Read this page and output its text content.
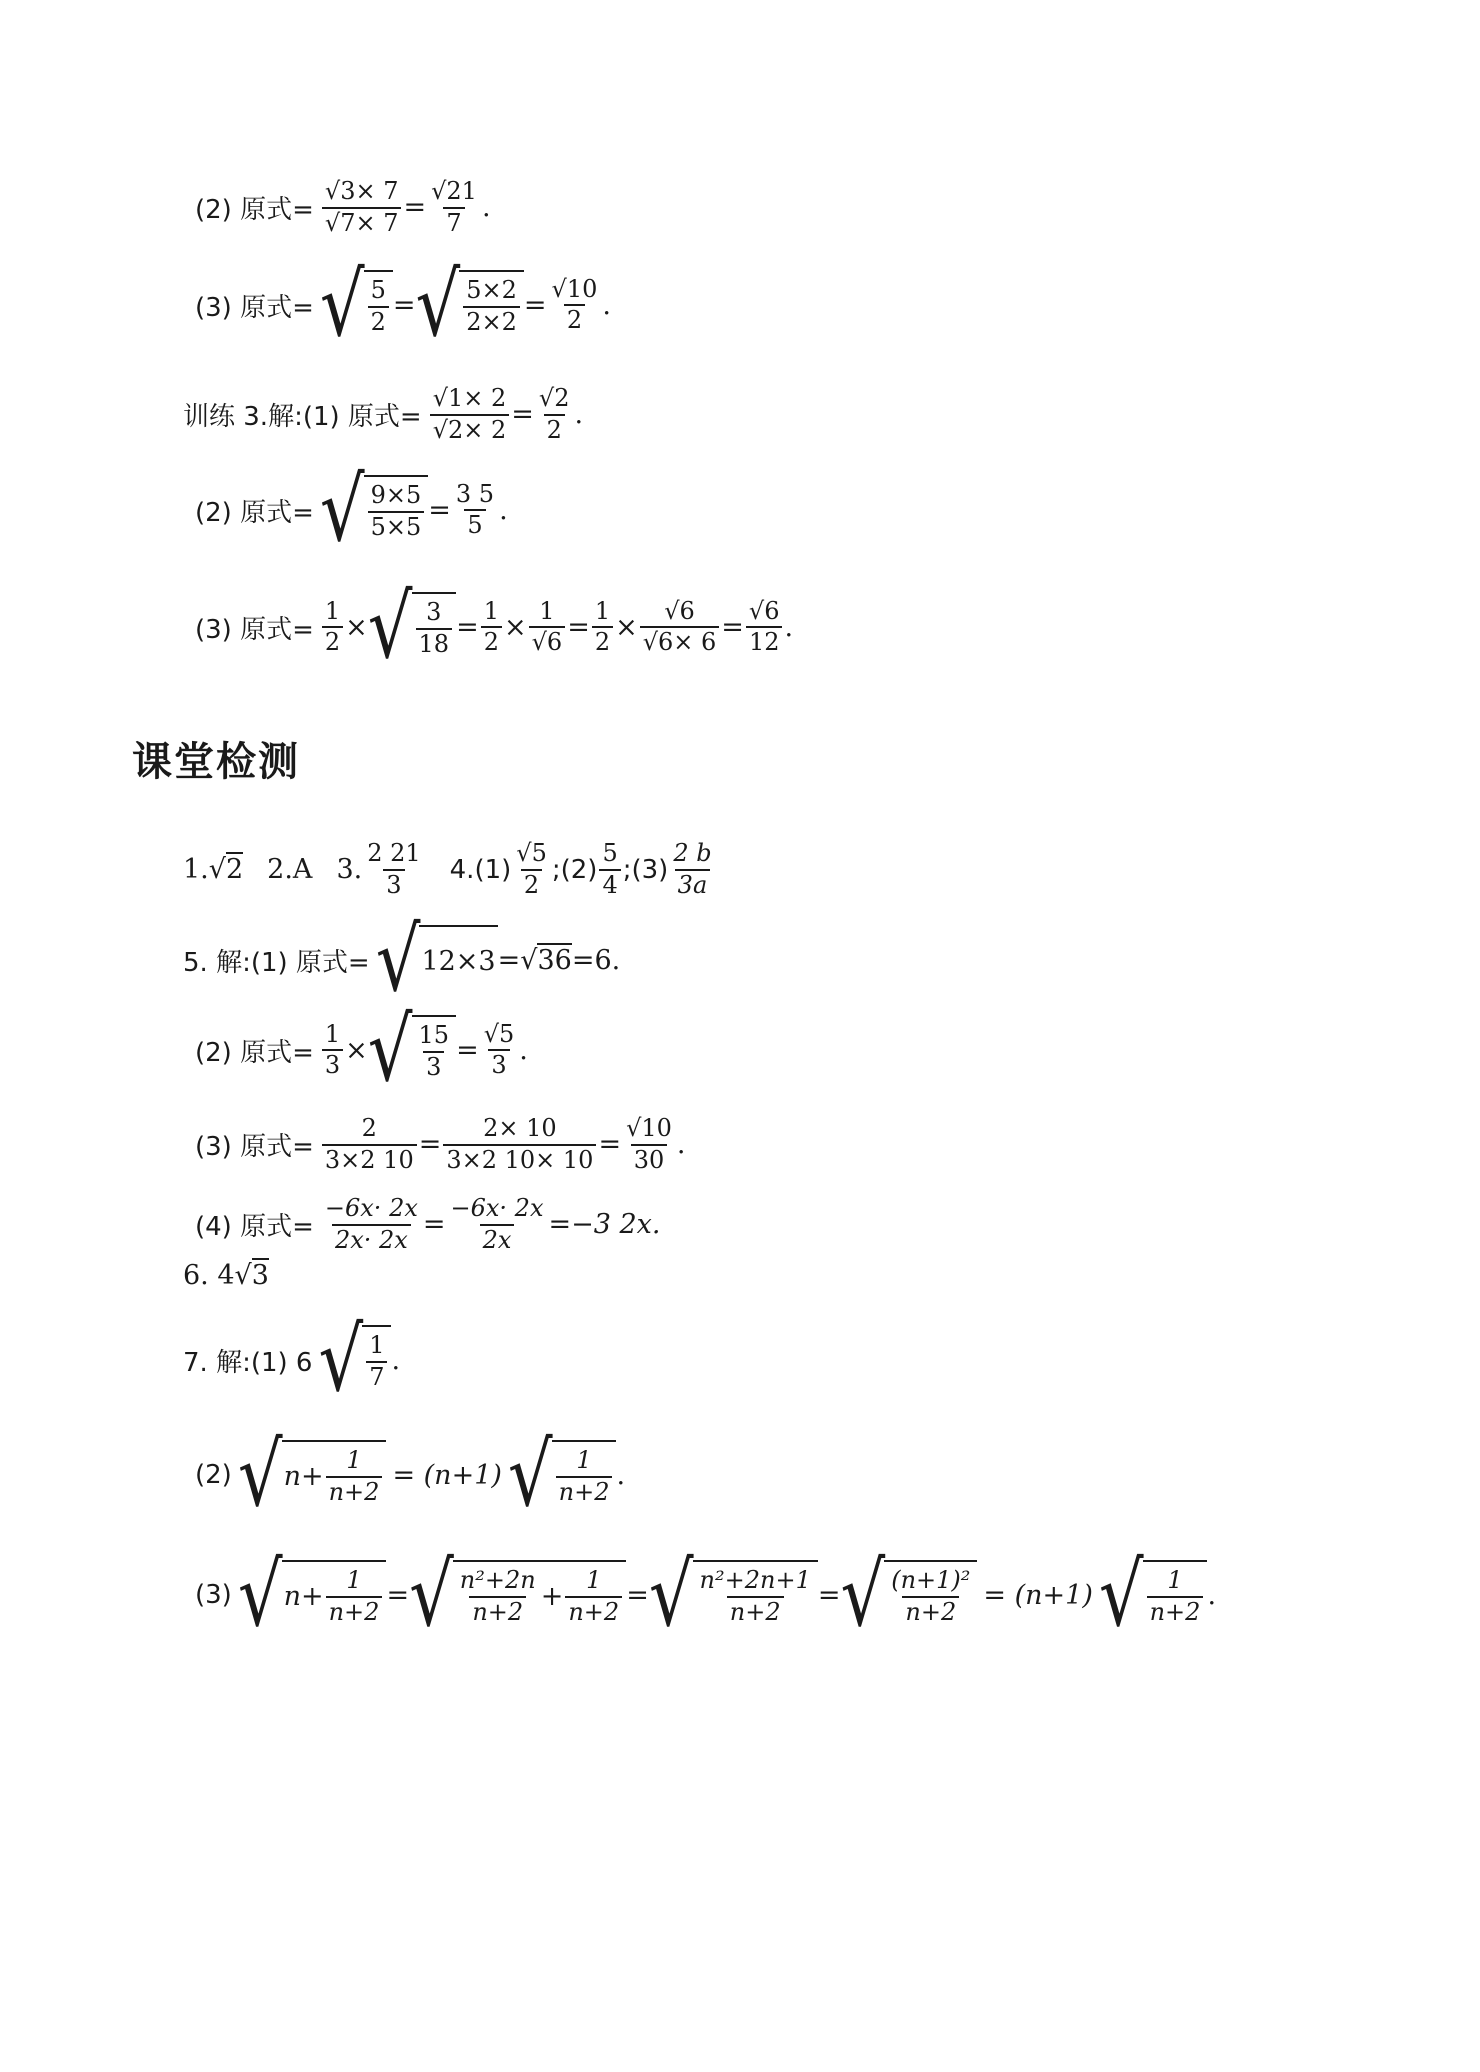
(2) 原式= $\frac{√3\times 7}{√7\times 7} = \frac{√21}{7}$ .
(3) 原式= √ $\frac{5}{2}$ = √ $\frac{5\times 2}{2\times 2} = \frac{√10}{2}$ .
训练 3.解:(1) 原式= $\frac{√1\times 2}{√2\times 2} = \frac{√2}{2}$ .
(2) 原式= √ $\frac{9\times 5}{5\times 5} = \frac{3 5}{5}$ .
(3) 原式= $\frac{1}{2}$ × √ $\frac{3}{18} = \frac{1}{2} \times \frac{1}{√6} = \frac{1}{2} \times \frac{√6}{√6\times 6} = \frac{√6}{12}$ .
课堂检测
1. √2 2.A 3. $\frac{2 21}{3} 4.(1) \frac{√5}{2}$ ;(2) $\frac{5}{4}$ ;(3) $\frac{2 b}{3a}$
5. 解:(1) 原式= √ 12×3 = √36 =6.
(2) 原式= $\frac{1}{3}$ × √ $\frac{15}{3} = \frac{√5}{3}$ .
(3) 原式= $\frac{2}{3\times 2 10} = \frac{2\times 10}{3\times 2 10\times 10} = \frac{√10}{30}$ .
(4) 原式= $\frac{-6x\cdot 2x}{2x\cdot 2x} = \frac{-6x\cdot 2x}{2x} =-3$ 2x.
6. 4 √3
7. 解:(1) 6 √ $\frac{1}{7}$ .
(2) √ $n+ \frac{1}{n+2} = (n+1)$ √ $\frac{1}{n+2}$ .
(3) √ $n+ \frac{1}{n+2}$ = √ $\frac{\text{n²+2n}}{n+2} + \frac{1}{n+2}$ = √ $\frac{\text{n²+2n+1}}{n+2}$ = √ $\frac{\text{(n+1)²}}{n+2} = (n+1)$ √ $\frac{1}{n+2}$ .
